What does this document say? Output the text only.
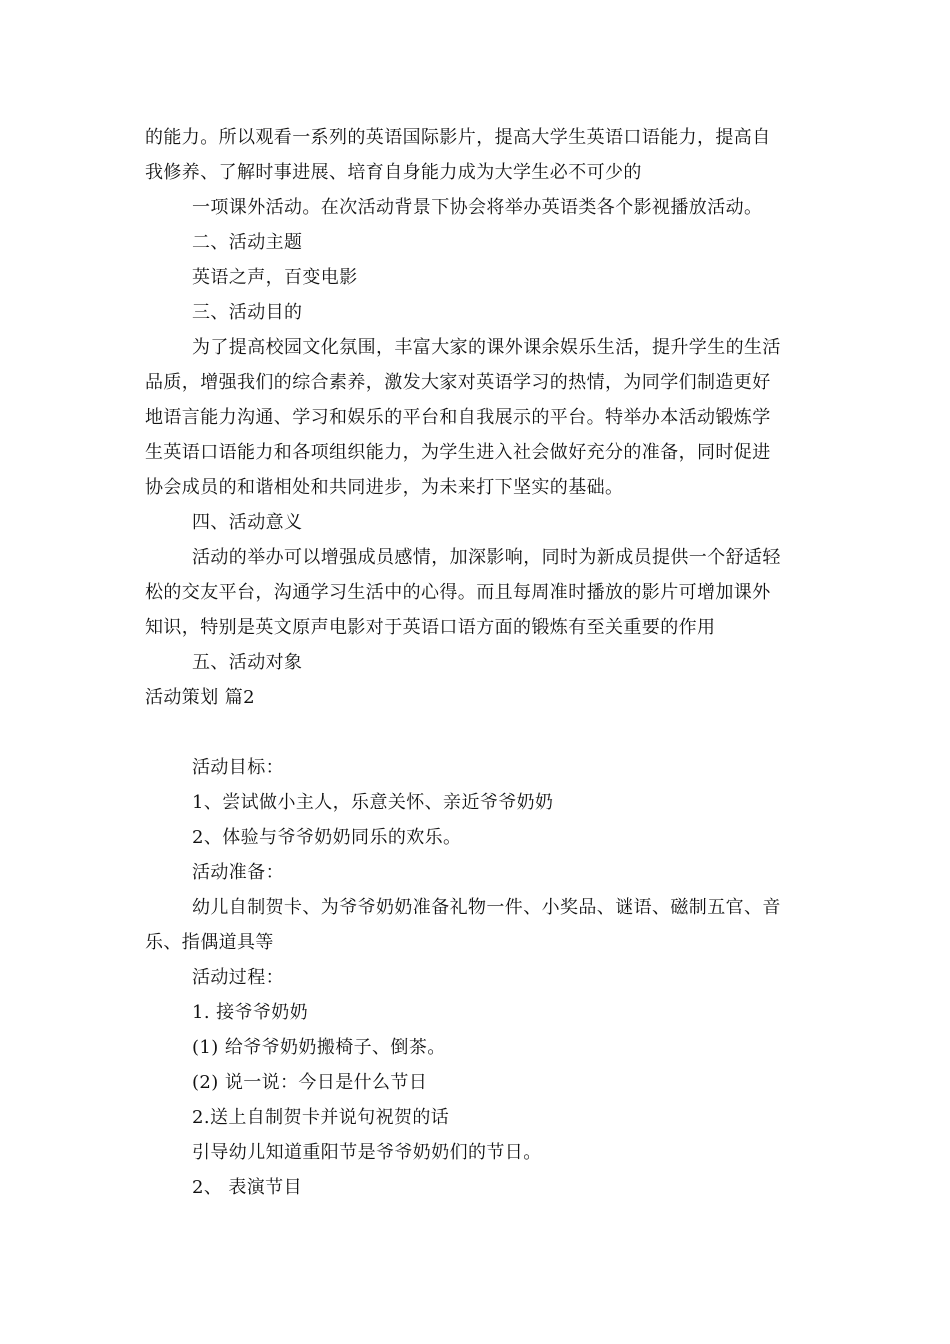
的能力。所以观看一系列的英语国际影片，提高大学生英语口语能力，提高自
我修养、了解时事进展、培育自身能力成为大学生必不可少的
一项课外活动。在次活动背景下协会将举办英语类各个影视播放活动。
二、活动主题
英语之声，百变电影
三、活动目的
为了提高校园文化氛围，丰富大家的课外课余娱乐生活，提升学生的生活
品质，增强我们的综合素养，激发大家对英语学习的热情，为同学们制造更好
地语言能力沟通、学习和娱乐的平台和自我展示的平台。特举办本活动锻炼学
生英语口语能力和各项组织能力，为学生进入社会做好充分的准备，同时促进
协会成员的和谐相处和共同进步，为未来打下坚实的基础。
四、活动意义
活动的举办可以增强成员感情，加深影响，同时为新成员提供一个舒适轻
松的交友平台，沟通学习生活中的心得。而且每周准时播放的影片可增加课外
知识，特别是英文原声电影对于英语口语方面的锻炼有至关重要的作用
五、活动对象
活动策划 篇2
活动目标：
1、尝试做小主人，乐意关怀、亲近爷爷奶奶
2、体验与爷爷奶奶同乐的欢乐。
活动准备：
幼儿自制贺卡、为爷爷奶奶准备礼物一件、小奖品、谜语、磁制五官、音
乐、指偶道具等
活动过程：
1. 接爷爷奶奶
(1) 给爷爷奶奶搬椅子、倒茶。
(2) 说一说：今日是什么节日
2.送上自制贺卡并说句祝贺的话
引导幼儿知道重阳节是爷爷奶奶们的节日。
2、 表演节目
